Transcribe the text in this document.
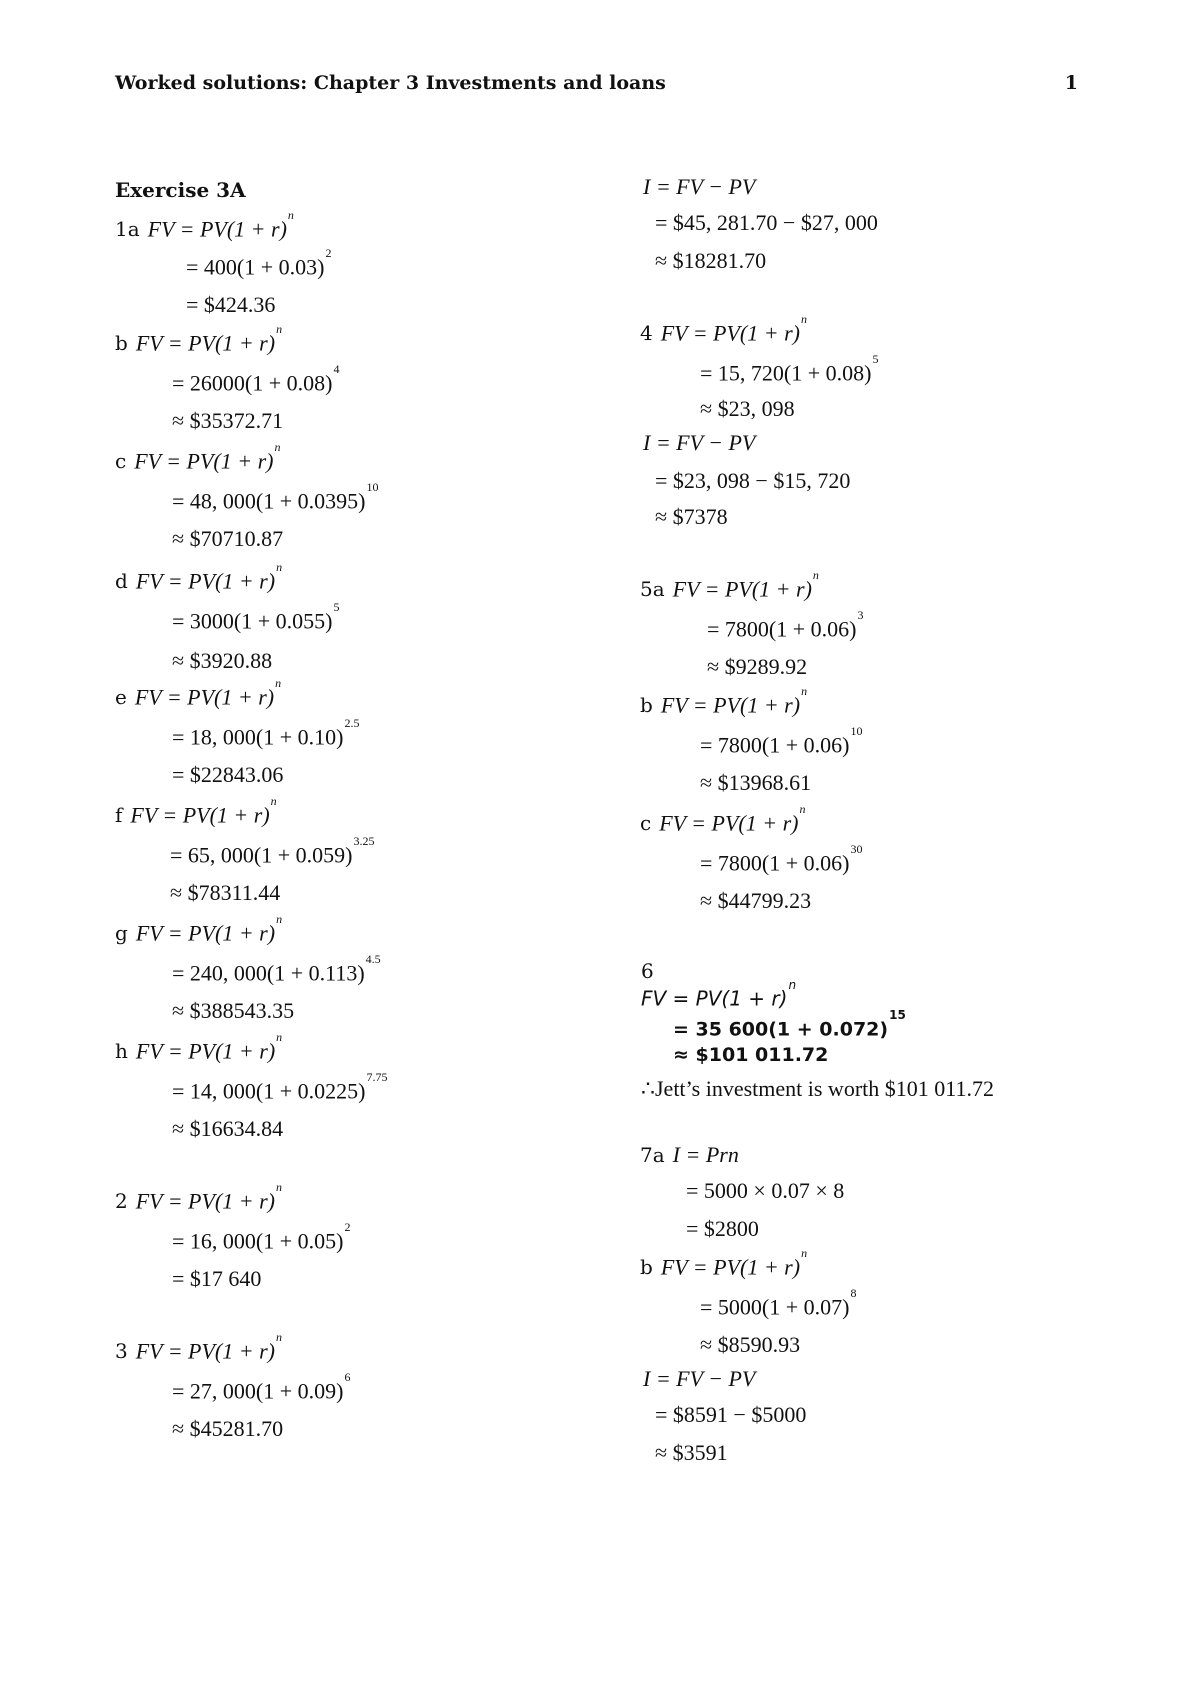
Worked solutions: Chapter 3 Investments and loans	1
Exercise 3A
1a FV = $PV(1 + r)^n$
= $400(1 + 0.03)^2$
= $424.36
b FV = $PV(1 + r)^n$
= $26000(1 + 0.08)^4$
≈ $35372.71
c FV = $PV(1 + r)^n$
= 48, $000(1 + 0.0395)^{10}$
≈ $70710.87
d FV = $PV(1 + r)^n$
= $3000(1 + 0.055)^5$
≈ $3920.88
e FV = $PV(1 + r)^n$
= 18, $000(1 + 0.10)^{2.5}$
= $22843.06
f FV = $PV(1 + r)^n$
= 65, $000(1 + 0.059)^{3.25}$
≈ $78311.44
g FV = $PV(1 + r)^n$
= 240, $000(1 + 0.113)^{4.5}$
≈ $388543.35
h FV = $PV(1 + r)^n$
= 14, $000(1 + 0.0225)^{7.75}$
≈ $16634.84
2 FV = $PV(1 + r)^n$
= 16, $000(1 + 0.05)^2$
= $17 640
3 FV = $PV(1 + r)^n$
= 27, $000(1 + 0.09)^6$
≈ $45281.70
I = FV − PV
= $45, 281.70 − $27, 000
≈ $18281.70
4 FV = $PV(1 + r)^n$
= 15, $720(1 + 0.08)^5$
≈ $23, 098
I = FV − PV
= $23, 098 − $15, 720
≈ $7378
5a FV = $PV(1 + r)^n$
= $7800(1 + 0.06)^3$
≈ $9289.92
b FV = $PV(1 + r)^n$
= $7800(1 + 0.06)^{10}$
≈ $13968.61
c FV = $PV(1 + r)^n$
= $7800(1 + 0.06)^{30}$
≈ $44799.23
6
FV = $PV(1 + r)^n$
= 35 $600(1 + 0.072)^{15}$
≈ $101 011.72
∴Jett’s investment is worth $101 011.72
7a I = Prn
= 5000 × 0.07 × 8
= $2800
b FV = $PV(1 + r)^n$
= $5000(1 + 0.07)^8$
≈ $8590.93
I = FV − PV
= $8591 − $5000
≈ $3591
